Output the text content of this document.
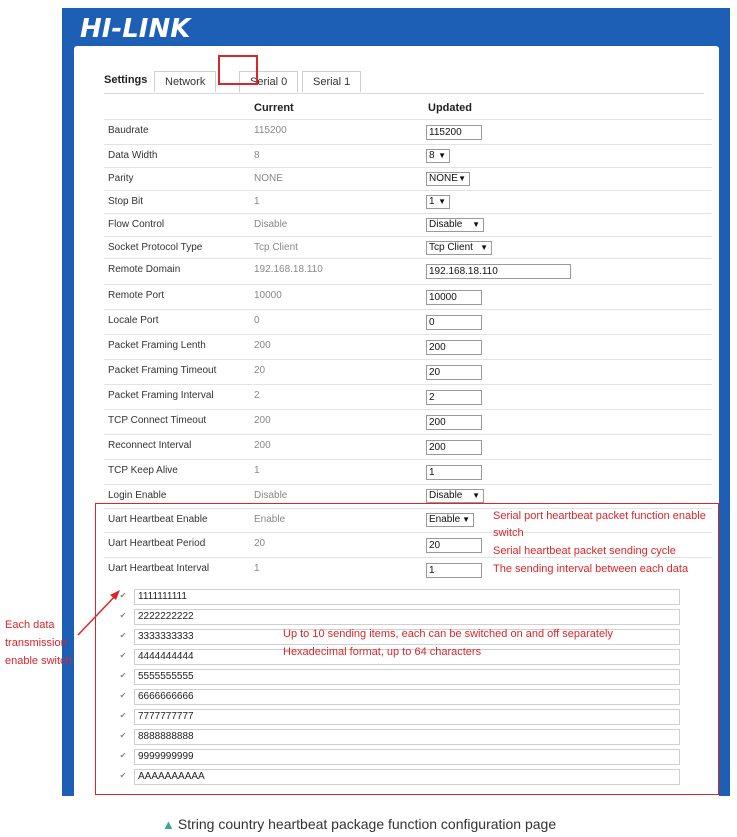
HI-LINK
Settings	Network	Serial 0	Serial 1
Current	Updated
Baudrate	115200	115200
Data Width	8	8 ▼
Parity	NONE	NONE ▼
Stop Bit	1	1 ▼
Flow Control	Disable	Disable ▼
Socket Protocol Type	Tcp Client	Tcp Client ▼
Remote Domain	192.168.18.110	192.168.18.110
Remote Port	10000	10000
Locale Port	0	0
Packet Framing Lenth	200	200
Packet Framing Timeout	20	20
Packet Framing Interval	2	2
TCP Connect Timeout	200	200
Reconnect Interval	200	200
TCP Keep Alive	1	1
Login Enable	Disable	Disable ▼
Uart Heartbeat Enable	Enable	Enable ▼
Uart Heartbeat Period	20	20
Uart Heartbeat Interval	1	1
✔	1111111111
✔	2222222222
✔	3333333333
✔	4444444444
✔	5555555555
✔	6666666666
✔	7777777777
✔	8888888888
✔	9999999999
✔	AAAAAAAAAA
Serial port heartbeat packet function enable
switch
Serial heartbeat packet sending cycle
The sending interval between each data
Up to 10 sending items, each can be switched on and off separately
Hexadecimal format, up to 64 characters
Each data
transmission
enable switch
▲ String country heartbeat package function configuration page
